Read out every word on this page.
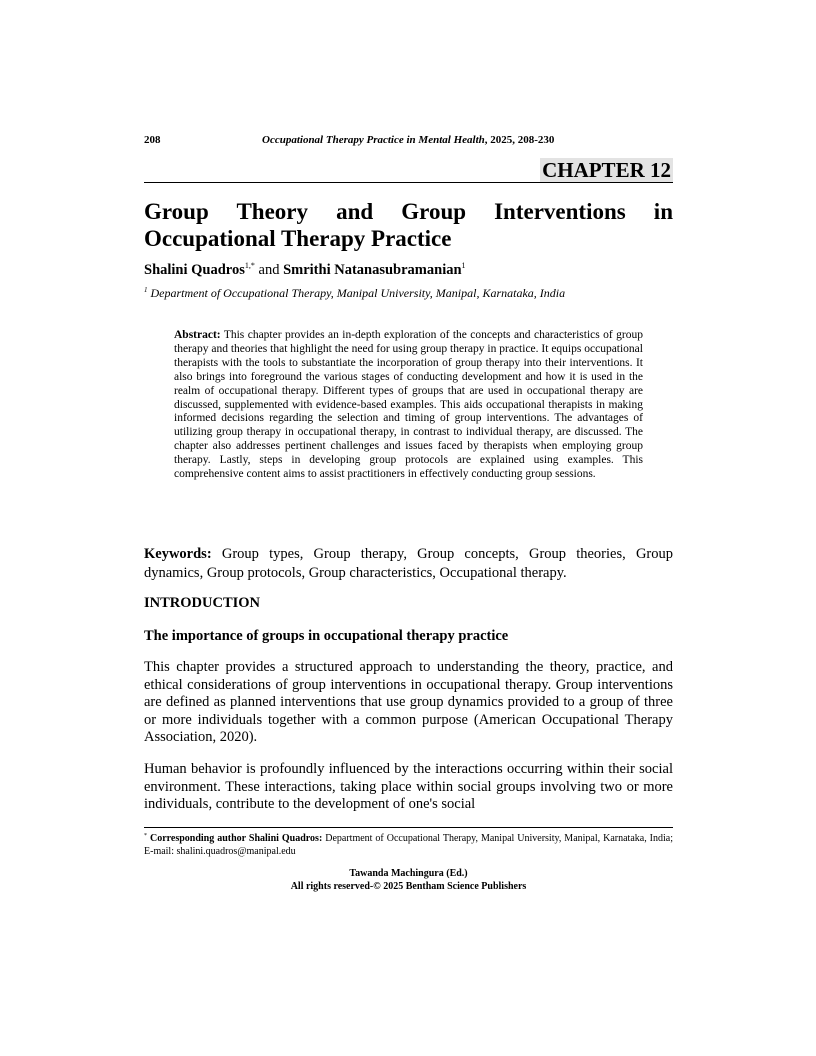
208	Occupational Therapy Practice in Mental Health, 2025, 208-230
CHAPTER 12
Group Theory and Group Interventions in
Occupational Therapy Practice
Shalini Quadros$^{1,*}$ and Smrithi Natanasubramanian$^1$
$^1$ Department of Occupational Therapy, Manipal University, Manipal, Karnataka, India

Abstract: This chapter provides an in-depth exploration of the concepts and characteristics of group therapy and theories that highlight the need for using group therapy in practice. It equips occupational therapists with the tools to substantiate the incorporation of group therapy into their interventions. It also brings into foreground the various stages of conducting development and how it is used in the realm of occupational therapy. Different types of groups that are used in occupational therapy are discussed, supplemented with evidence-based examples. This aids occupational therapists in making informed decisions regarding the selection and timing of group interventions. The advantages of utilizing group therapy in occupational therapy, in contrast to individual therapy, are discussed. The chapter also addresses pertinent challenges and issues faced by therapists when employing group therapy. Lastly, steps in developing group protocols are explained using examples. This comprehensive content aims to assist practitioners in effectively conducting group sessions.

Keywords: Group types, Group therapy, Group concepts, Group theories, Group dynamics, Group protocols, Group characteristics, Occupational therapy.

INTRODUCTION
The importance of groups in occupational therapy practice

This chapter provides a structured approach to understanding the theory, practice, and ethical considerations of group interventions in occupational therapy. Group interventions are defined as planned interventions that use group dynamics provided to a group of three or more individuals together with a common purpose (American Occupational Therapy Association, 2020).

Human behavior is profoundly influenced by the interactions occurring within their social environment. These interactions, taking place within social groups involving two or more individuals, contribute to the development of one's social

* Corresponding author Shalini Quadros: Department of Occupational Therapy, Manipal University, Manipal, Karnataka, India; E-mail: shalini.quadros@manipal.edu

Tawanda Machingura (Ed.)
All rights reserved-© 2025 Bentham Science Publishers
